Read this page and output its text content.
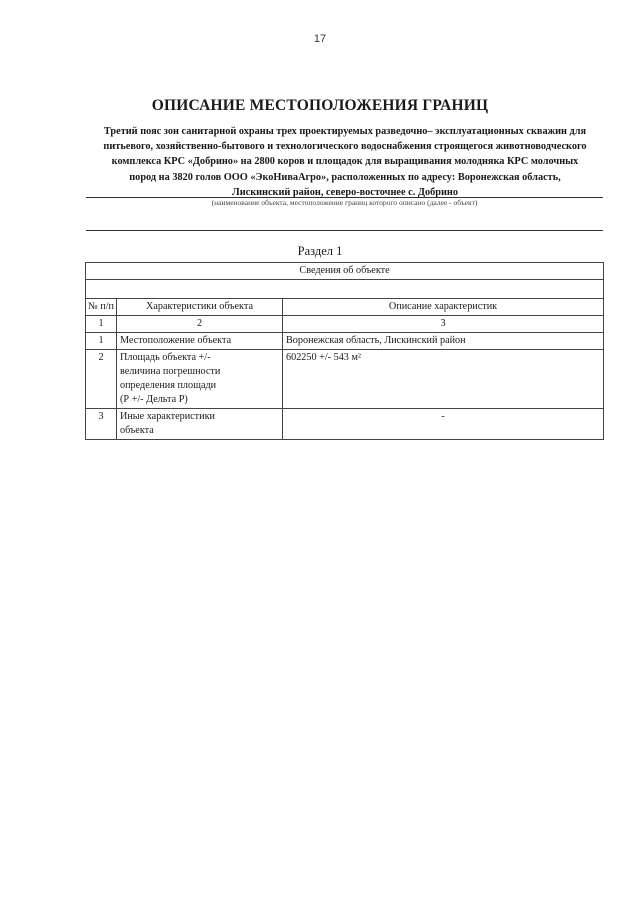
17
ОПИСАНИЕ МЕСТОПОЛОЖЕНИЯ ГРАНИЦ
Третий пояс зон санитарной охраны трех проектируемых разведочно– эксплуатационных скважин для
питьевого, хозяйственно-бытового и технологического водоснабжения строящегося животноводческого
комплекса КРС «Добрино» на 2800 коров и площадок для выращивания молодняка КРС молочных
пород на 3820 голов ООО «ЭкоНиваАгро», расположенных по адресу: Воронежская область,
Лискинский район, северо-восточнее с. Добрино
(наименование объекта, местоположение границ которого описано (далее - объект)
Раздел 1
Сведения об объекте		

№ п/п	Характеристики объекта	Описание характеристик
1	2	3
1	Местоположение объекта	Воронежская область, Лискинский район
2	Площадь объекта +/-
величина погрешности
определения площади
(Р +/- Дельта Р)	602250 +/- 543 м²
3	Иные характеристики
объекта	-
